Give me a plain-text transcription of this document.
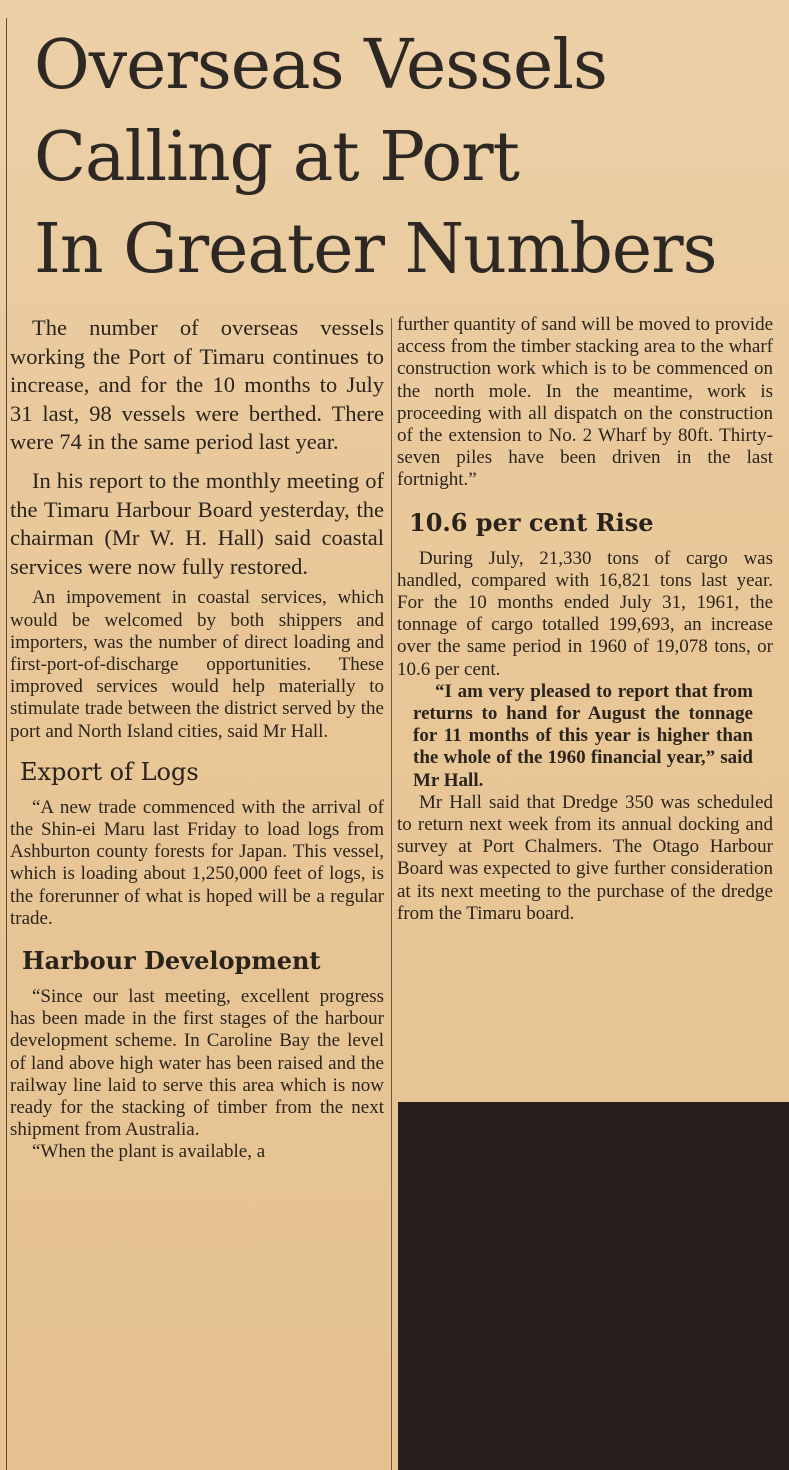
Overseas Vessels
Calling at Port
In Greater Numbers

The number of overseas vessels working the Port of Timaru continues to increase, and for the 10 months to July 31 last, 98 vessels were berthed. There were 74 in the same period last year.

In his report to the monthly meeting of the Timaru Harbour Board yesterday, the chairman (Mr W. H. Hall) said coastal services were now fully restored.

An impovement in coastal services, which would be welcomed by both shippers and importers, was the number of direct loading and first-port-of-discharge opportunities. These improved services would help materially to stimulate trade between the district served by the port and North Island cities, said Mr Hall.

Export of Logs

“A new trade commenced with the arrival of the Shin-ei Maru last Friday to load logs from Ashburton county forests for Japan. This vessel, which is loading about 1,250,000 feet of logs, is the forerunner of what is hoped will be a regular trade.

Harbour Development

“Since our last meeting, excellent progress has been made in the first stages of the harbour development scheme. In Caroline Bay the level of land above high water has been raised and the railway line laid to serve this area which is now ready for the stacking of timber from the next shipment from Australia.

“When the plant is available, a

further quantity of sand will be moved to provide access from the timber stacking area to the wharf construction work which is to be commenced on the north mole. In the meantime, work is proceeding with all dispatch on the construction of the extension to No. 2 Wharf by 80ft. Thirty-seven piles have been driven in the last fortnight.”

10.6 per cent Rise

During July, 21,330 tons of cargo was handled, compared with 16,821 tons last year. For the 10 months ended July 31, 1961, the tonnage of cargo totalled 199,693, an increase over the same period in 1960 of 19,078 tons, or 10.6 per cent.

“I am very pleased to report that from returns to hand for August the tonnage for 11 months of this year is higher than the whole of the 1960 financial year,” said Mr Hall.

Mr Hall said that Dredge 350 was scheduled to return next week from its annual docking and survey at Port Chalmers. The Otago Harbour Board was expected to give further consideration at its next meeting to the purchase of the dredge from the Timaru board.
